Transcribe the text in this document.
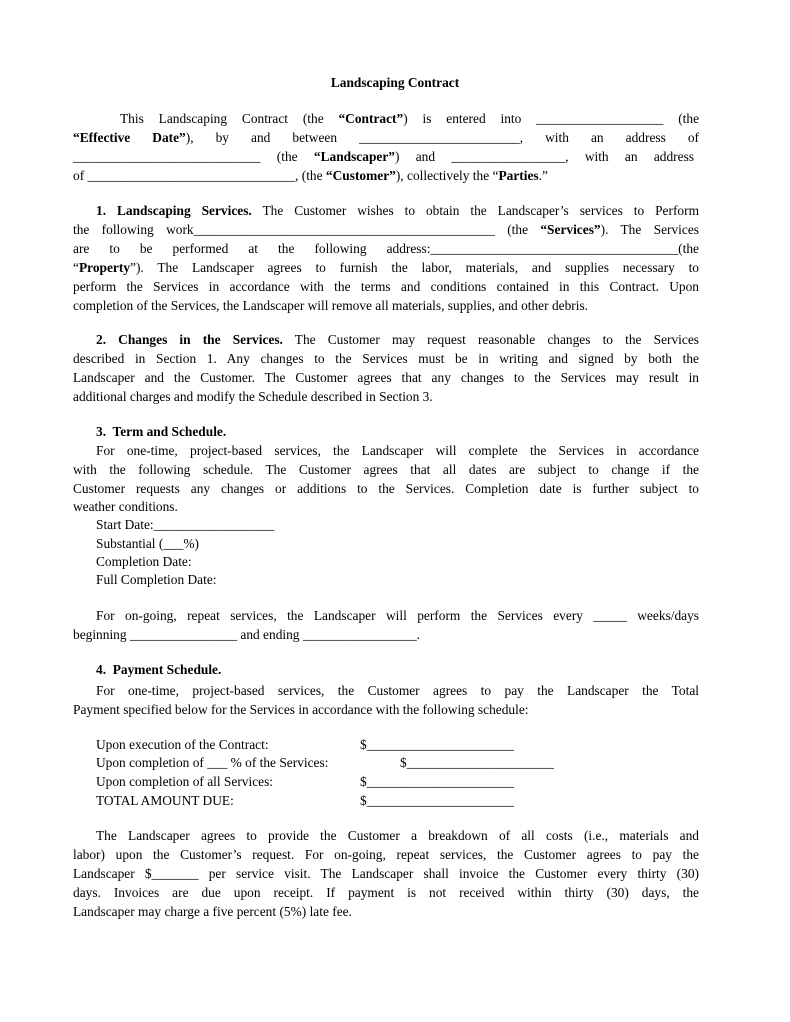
Landscaping Contract
This Landscaping Contract (the “Contract”) is entered into ___________________ (the
“Effective Date”), by and between ________________________, with an address of
____________________________ (the “Landscaper”) and _________________, with an address
of _______________________________, (the “Customer”), collectively the “Parties.”
1. Landscaping Services. The Customer wishes to obtain the Landscaper’s services to Perform
the following work_____________________________________________ (the “Services”). The Services
are to be performed at the following address:_____________________________________(the
“Property”). The Landscaper agrees to furnish the labor, materials, and supplies necessary to
perform the Services in accordance with the terms and conditions contained in this Contract. Upon
completion of the Services, the Landscaper will remove all materials, supplies, and other debris.
2. Changes in the Services. The Customer may request reasonable changes to the Services
described in Section 1. Any changes to the Services must be in writing and signed by both the
Landscaper and the Customer. The Customer agrees that any changes to the Services may result in
additional charges and modify the Schedule described in Section 3.
3.  Term and Schedule.
For one-time, project-based services, the Landscaper will complete the Services in accordance
with the following schedule. The Customer agrees that all dates are subject to change if the
Customer requests any changes or additions to the Services. Completion date is further subject to
weather conditions.
Start Date:__________________
Substantial (___%)
Completion Date:
Full Completion Date:
For on-going, repeat services, the Landscaper will perform the Services every _____ weeks/days
beginning ________________ and ending _________________.
4.  Payment Schedule.
For one-time, project-based services, the Customer agrees to pay the Landscaper the Total
Payment specified below for the Services in accordance with the following schedule:
Upon execution of the Contract:	$______________________
Upon completion of ___ % of the Services:	$______________________
Upon completion of all Services:	$______________________
TOTAL AMOUNT DUE:	$______________________
The Landscaper agrees to provide the Customer a breakdown of all costs (i.e., materials and
labor) upon the Customer’s request. For on-going, repeat services, the Customer agrees to pay the
Landscaper $_______ per service visit. The Landscaper shall invoice the Customer every thirty (30)
days. Invoices are due upon receipt. If payment is not received within thirty (30) days, the
Landscaper may charge a five percent (5%) late fee.
